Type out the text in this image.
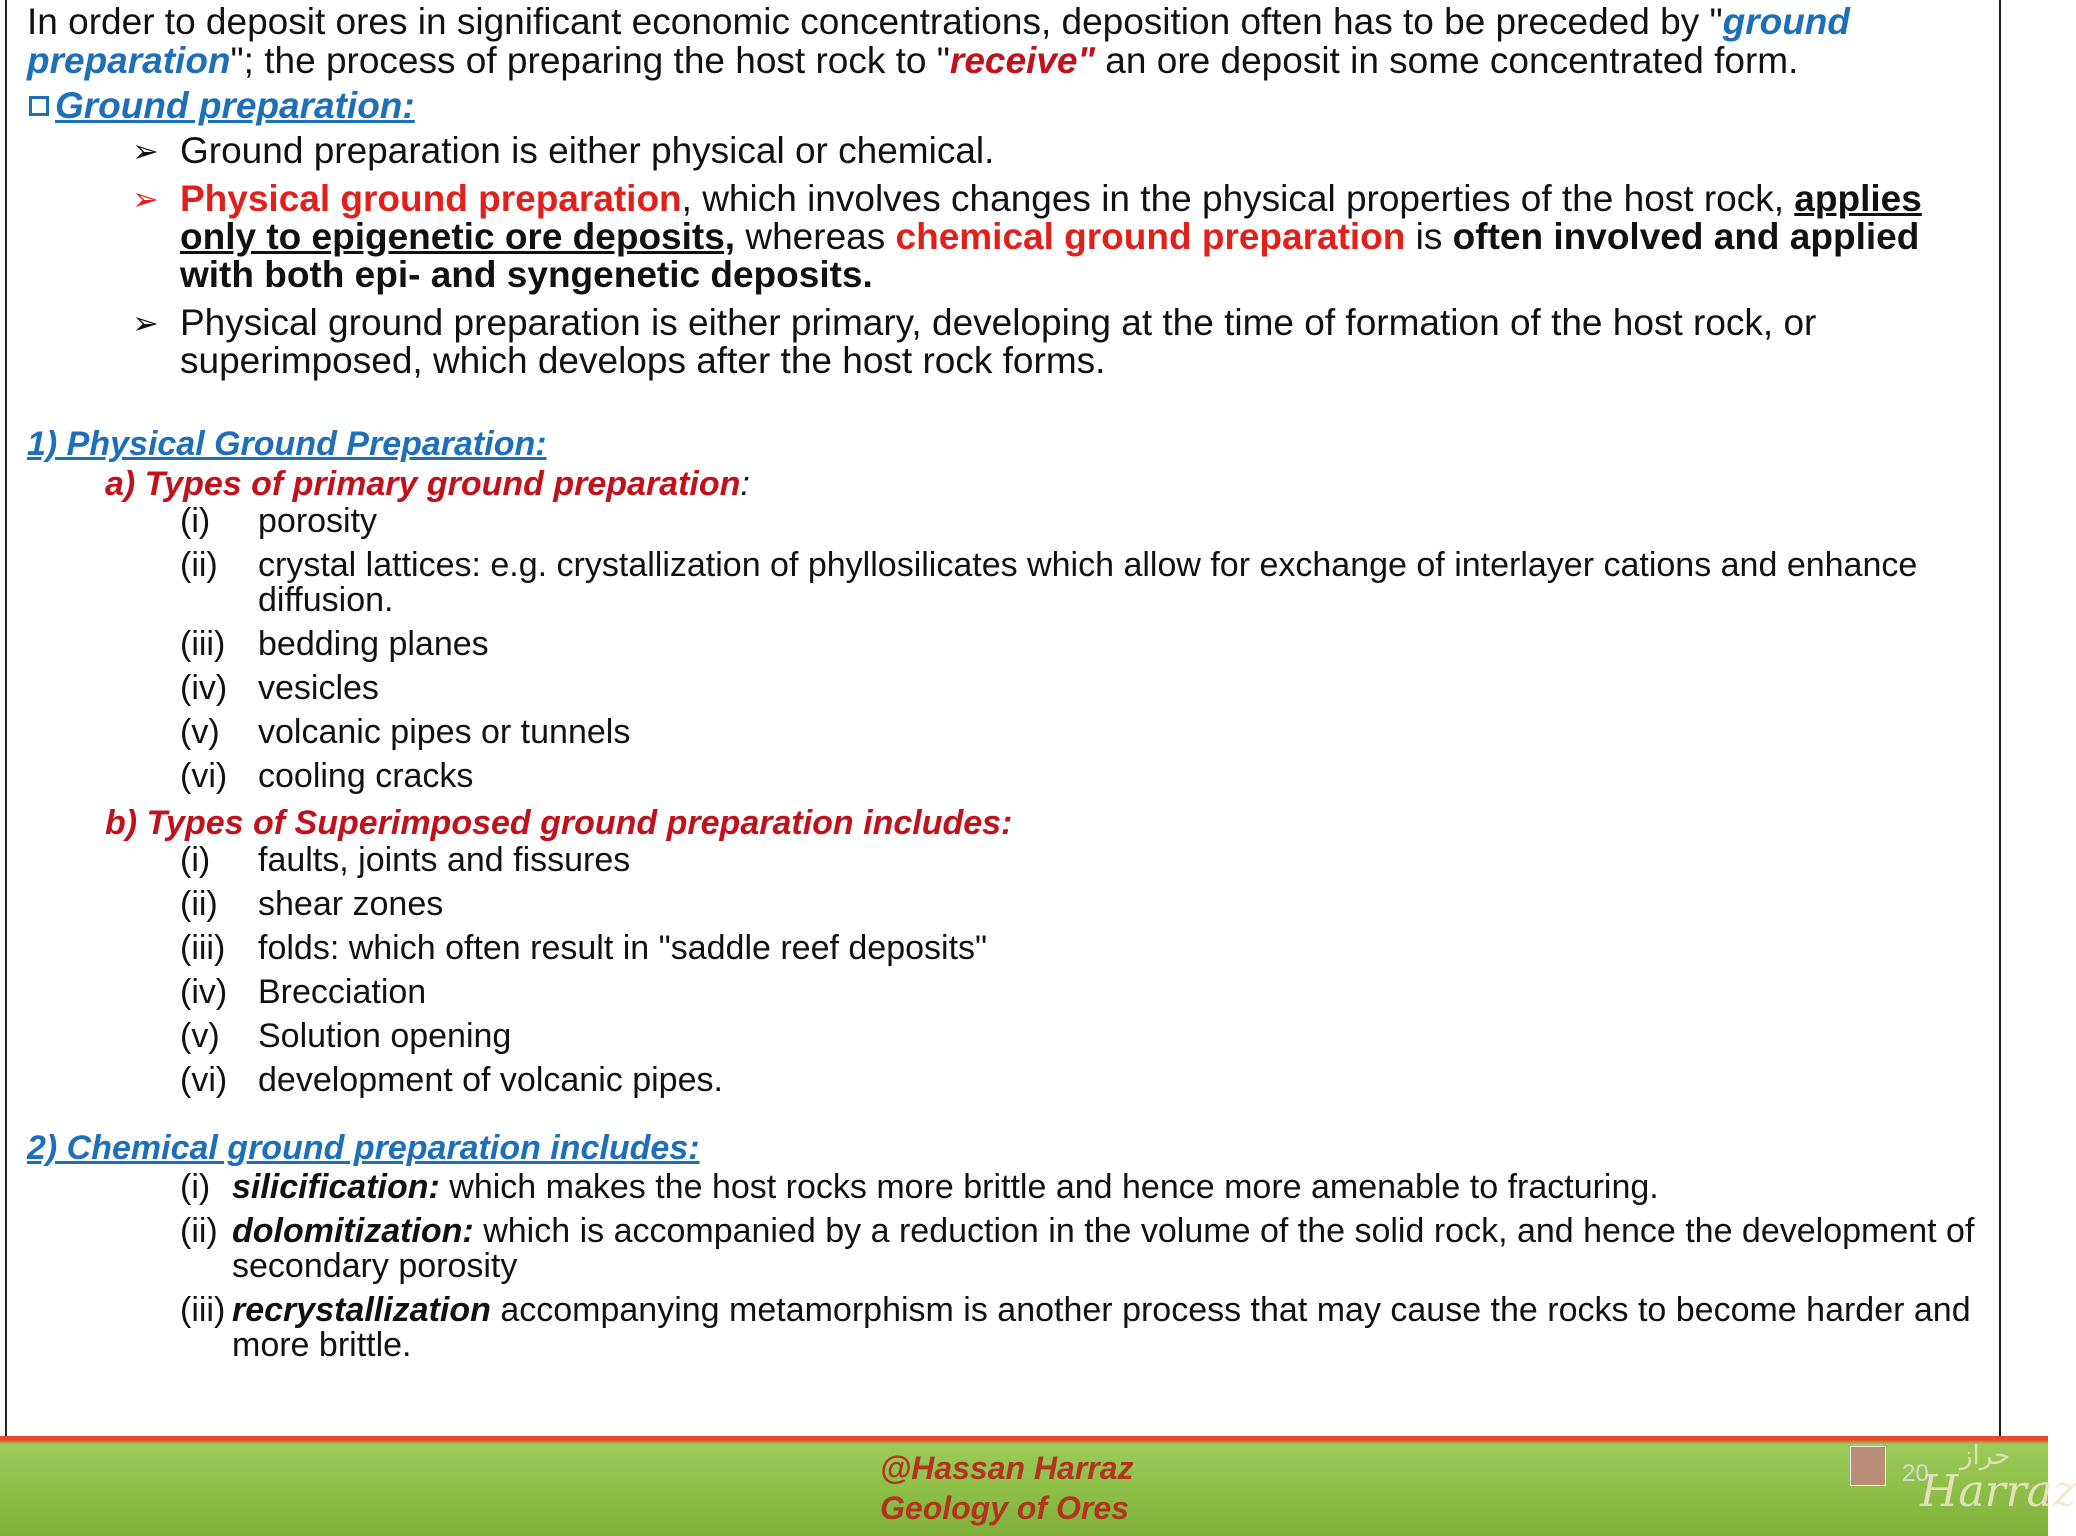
In order to deposit ores in significant economic concentrations, deposition often has to be preceded by "ground
preparation"; the process of preparing the host rock to "receive" an ore deposit in some concentrated form.
Ground preparation:
➢ Ground preparation is either physical or chemical.
➢ Physical ground preparation, which involves changes in the physical properties of the host rock, applies only to epigenetic ore deposits, whereas chemical ground preparation is often involved and applied with both epi- and syngenetic deposits.
➢ Physical ground preparation is either primary, developing at the time of formation of the host rock, or superimposed, which develops after the host rock forms.
1) Physical Ground Preparation:
a) Types of primary ground preparation:
(i)	porosity
(ii)	crystal lattices: e.g. crystallization of phyllosilicates which allow for exchange of interlayer cations and enhance diffusion.
(iii) bedding planes
(iv) vesicles
(v)	volcanic pipes or tunnels
(vi) cooling cracks
b) Types of Superimposed ground preparation includes:
(i)	faults, joints and fissures
(ii)	shear zones
(iii) folds: which often result in "saddle reef deposits"
(iv) Brecciation
(v)	Solution opening
(vi) development of volcanic pipes.
2) Chemical ground preparation includes:
(i) silicification: which makes the host rocks more brittle and hence more amenable to fracturing.
(ii) dolomitization: which is accompanied by a reduction in the volume of the solid rock, and hence the development of secondary porosity
(iii) recrystallization accompanying metamorphism is another process that may cause the rocks to become harder and more brittle.
@Hassan Harraz
Geology of Ores
20
حراز
Harraz
